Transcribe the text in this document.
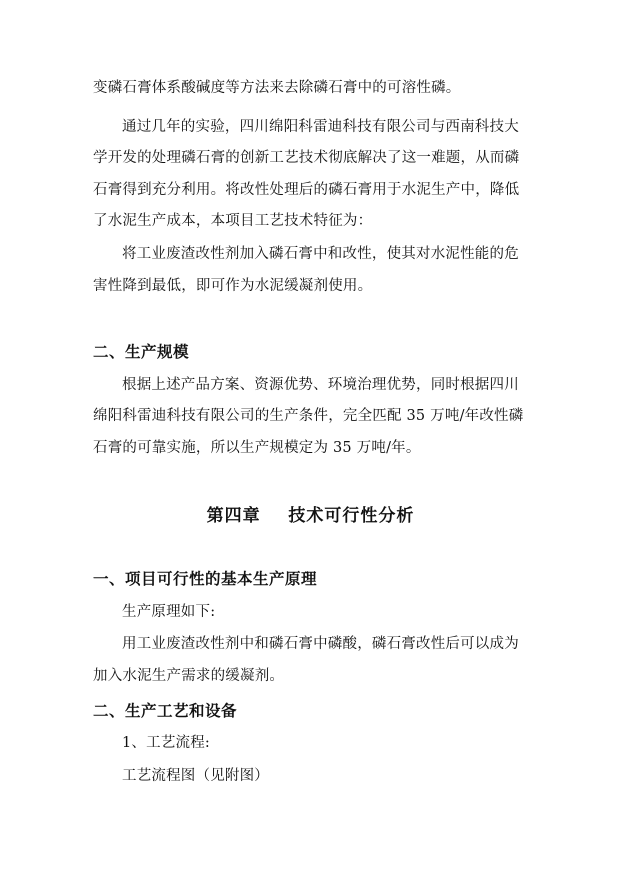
变磷石膏体系酸碱度等方法来去除磷石膏中的可溶性磷。
通过几年的实验，四川绵阳科雷迪科技有限公司与西南科技大
学开发的处理磷石膏的创新工艺技术彻底解决了这一难题，从而磷
石膏得到充分利用。将改性处理后的磷石膏用于水泥生产中，降低
了水泥生产成本，本项目工艺技术特征为：
将工业废渣改性剂加入磷石膏中和改性，使其对水泥性能的危
害性降到最低，即可作为水泥缓凝剂使用。
二、生产规模
根据上述产品方案、资源优势、环境治理优势，同时根据四川
绵阳科雷迪科技有限公司的生产条件，完全匹配 35 万吨/年改性磷
石膏的可靠实施，所以生产规模定为 35 万吨/年。
第四章    技术可行性分析
一、项目可行性的基本生产原理
生产原理如下:
用工业废渣改性剂中和磷石膏中磷酸，磷石膏改性后可以成为
加入水泥生产需求的缓凝剂。
二、生产工艺和设备
1、工艺流程:
工艺流程图（见附图）
